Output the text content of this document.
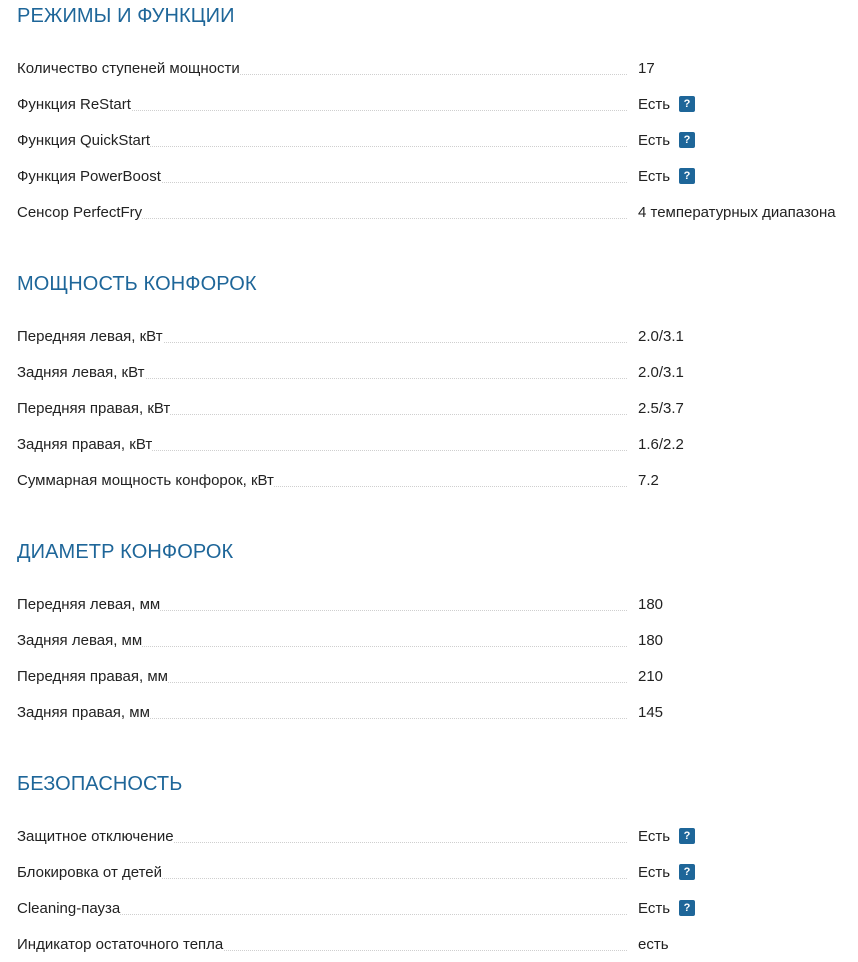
РЕЖИМЫ И ФУНКЦИИ
Количество ступеней мощности	17
Функция ReStart	Есть	?
Функция QuickStart	Есть	?
Функция PowerBoost	Есть	?
Сенсор PerfectFry	4 температурных диапазона
МОЩНОСТЬ КОНФОРОК
Передняя левая, кВт	2.0/3.1
Задняя левая, кВт	2.0/3.1
Передняя правая, кВт	2.5/3.7
Задняя правая, кВт	1.6/2.2
Суммарная мощность конфорок, кВт	7.2
ДИАМЕТР КОНФОРОК
Передняя левая, мм	180
Задняя левая, мм	180
Передняя правая, мм	210
Задняя правая, мм	145
БЕЗОПАСНОСТЬ
Защитное отключение	Есть	?
Блокировка от детей	Есть	?
Cleaning-пауза	Есть	?
Индикатор остаточного тепла	есть
